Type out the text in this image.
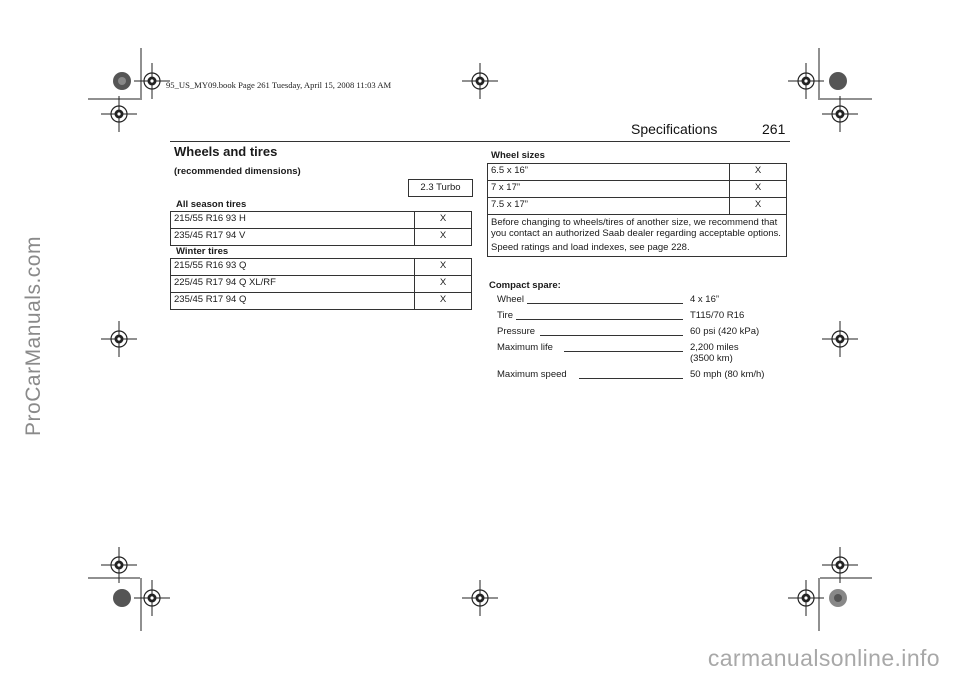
ProCarManuals.com
carmanualsonline.info
95_US_MY09.book Page 261 Tuesday, April 15, 2008 11:03 AM
Specifications	261
Wheels and tires
(recommended dimensions)
2.3 Turbo
All season tires
215/55 R16 93 H	X
235/45 R17 94 V	X
Winter tires
215/55 R16 93 Q	X
225/45 R17 94 Q XL/RF	X
235/45 R17 94 Q	X
Wheel sizes
6.5 x 16”	X
7 x 17”	X
7.5 x 17”	X

Before changing to wheels/tires of another size, we recommend that you contact an authorized Saab dealer regarding acceptable options.
Speed ratings and load indexes, see page 228.	
Compact spare:
Wheel	4 x 16”
Tire	T115/70 R16
Pressure	60 psi (420 kPa)
Maximum life	2,200 miles
(3500 km)
Maximum speed	50 mph (80 km/h)
